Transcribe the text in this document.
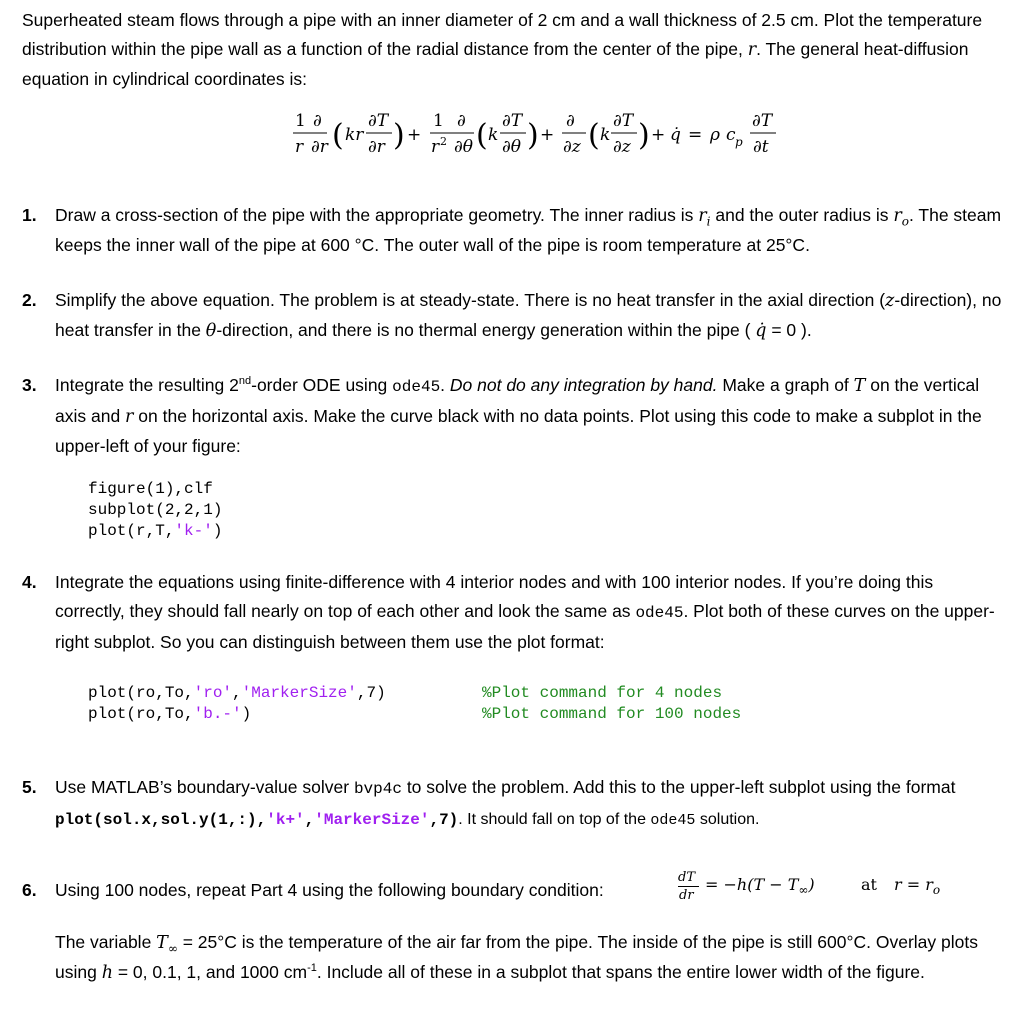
Superheated steam flows through a pipe with an inner diameter of 2 cm and a wall thickness of 2.5 cm. Plot the temperature distribution within the pipe wall as a function of the radial distance from the center of the pipe, r. The general heat-diffusion equation in cylindrical coordinates is:
1 ∂
r ∂r ( kr
∂T
∂r ) +
1 ∂
r 2 ∂θ ( k
∂T
∂θ ) +
∂
∂z ( k
∂T
∂z ) + q̇ = ρ c p
∂T
∂t
1. Draw a cross-section of the pipe with the appropriate geometry. The inner radius is $r_i$ and the outer radius is $r_o$. The steam keeps the inner wall of the pipe at 600 °C. The outer wall of the pipe is room temperature at 25°C.
2. Simplify the above equation. The problem is at steady-state. There is no heat transfer in the axial direction (z-direction), no heat transfer in the θ-direction, and there is no thermal energy generation within the pipe ( q̇ = 0 ).
3. Integrate the resulting 2nd-order ODE using ode45. Do not do any integration by hand. Make a graph of T on the vertical axis and r on the horizontal axis. Make the curve black with no data points. Plot using this code to make a subplot in the upper-left of your figure:
figure(1),clf
subplot(2,2,1)
plot(r,T,'k-')
4. Integrate the equations using finite-difference with 4 interior nodes and with 100 interior nodes. If you’re doing this correctly, they should fall nearly on top of each other and look the same as ode45. Plot both of these curves on the upper-right subplot. So you can distinguish between them use the plot format:
plot(ro,To,'ro','MarkerSize',7)
plot(ro,To,'b.-')
%Plot command for 4 nodes
%Plot command for 100 nodes
5. Use MATLAB’s boundary-value solver bvp4c to solve the problem. Add this to the upper-left subplot using the format plot(sol.x,sol.y(1,:),'k+','MarkerSize',7). It should fall on top of the ode45 solution.
6. Using 100 nodes, repeat Part 4 using the following boundary condition:
dT
dr
= $-h(T - T_\infty)$	at $r = r_o$
The variable $T_\infty = 25^\circ C$ is the temperature of the air far from the pipe. The inside of the pipe is still 600°C. Overlay plots using h = 0, 0.1, 1, and 1000 $cm^{-1}$. Include all of these in a subplot that spans the entire lower width of the figure.
